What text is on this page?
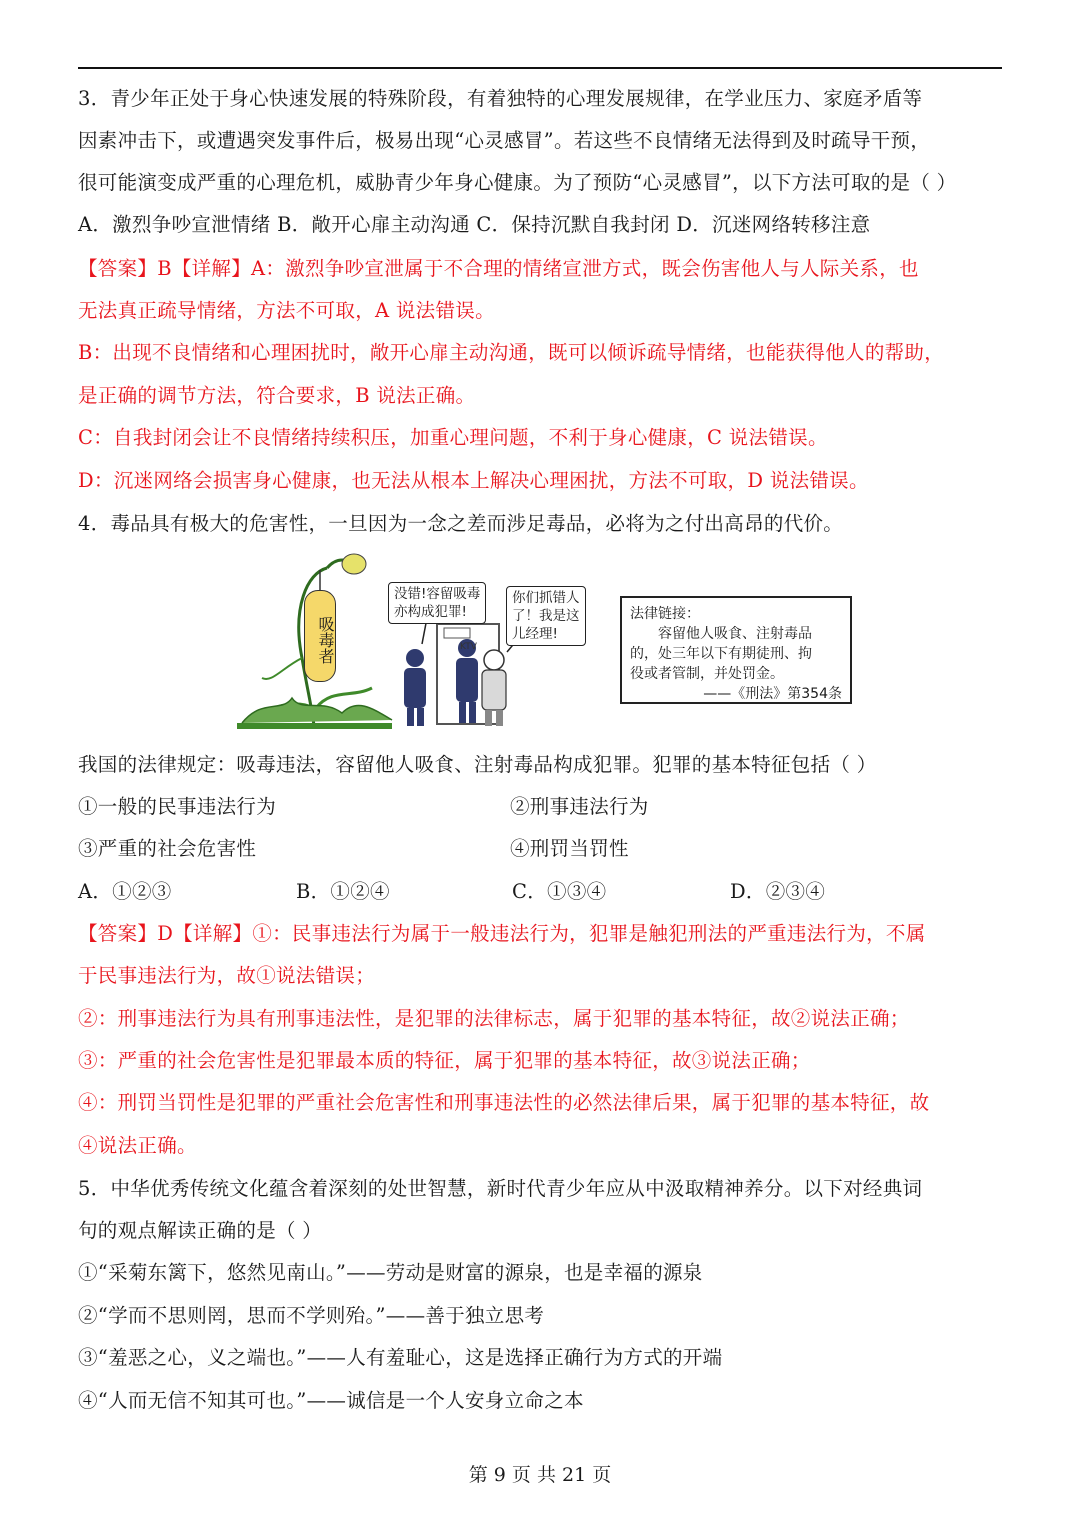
3．青少年正处于身心快速发展的特殊阶段，有着独特的心理发展规律，在学业压力、家庭矛盾等
因素冲击下，或遭遇突发事件后，极易出现“心灵感冒”。若这些不良情绪无法得到及时疏导干预，
很可能演变成严重的心理危机，威胁青少年身心健康。为了预防“心灵感冒”，以下方法可取的是（ ）
A．激烈争吵宣泄情绪 B．敞开心扉主动沟通 C．保持沉默自我封闭 D．沉迷网络转移注意
【答案】B【详解】A：激烈争吵宣泄属于不合理的情绪宣泄方式，既会伤害他人与人际关系，也
无法真正疏导情绪，方法不可取，A 说法错误。
B：出现不良情绪和心理困扰时，敞开心扉主动沟通，既可以倾诉疏导情绪，也能获得他人的帮助，
是正确的调节方法，符合要求，B 说法正确。
C：自我封闭会让不良情绪持续积压，加重心理问题，不利于身心健康，C 说法错误。
D：沉迷网络会损害身心健康，也无法从根本上解决心理困扰，方法不可取，D 说法错误。
4．毒品具有极大的危害性，一旦因为一念之差而涉足毒品，必将为之付出高昂的代价。
吸毒者
没错!容留吸毒
亦构成犯罪!
你们抓错人
了！我是这
儿经理!
KTV
法律链接：
容留他人吸食、注射毒品
的，处三年以下有期徒刑、拘
役或者管制，并处罚金。
——《刑法》第354条
我国的法律规定：吸毒违法，容留他人吸食、注射毒品构成犯罪。犯罪的基本特征包括（ ）
①一般的民事违法行为	②刑事违法行为
③严重的社会危害性	④刑罚当罚性
A．①②③	B．①②④	C．①③④	D．②③④
【答案】D【详解】①：民事违法行为属于一般违法行为，犯罪是触犯刑法的严重违法行为，不属
于民事违法行为，故①说法错误；
②：刑事违法行为具有刑事违法性，是犯罪的法律标志，属于犯罪的基本特征，故②说法正确；
③：严重的社会危害性是犯罪最本质的特征，属于犯罪的基本特征，故③说法正确；
④：刑罚当罚性是犯罪的严重社会危害性和刑事违法性的必然法律后果，属于犯罪的基本特征，故
④说法正确。
5．中华优秀传统文化蕴含着深刻的处世智慧，新时代青少年应从中汲取精神养分。以下对经典词
句的观点解读正确的是（ ）
①“采菊东篱下，悠然见南山。”——劳动是财富的源泉，也是幸福的源泉
②“学而不思则罔，思而不学则殆。”——善于独立思考
③“羞恶之心，义之端也。”——人有羞耻心，这是选择正确行为方式的开端
④“人而无信不知其可也。”——诚信是一个人安身立命之本
第 9 页 共 21 页
